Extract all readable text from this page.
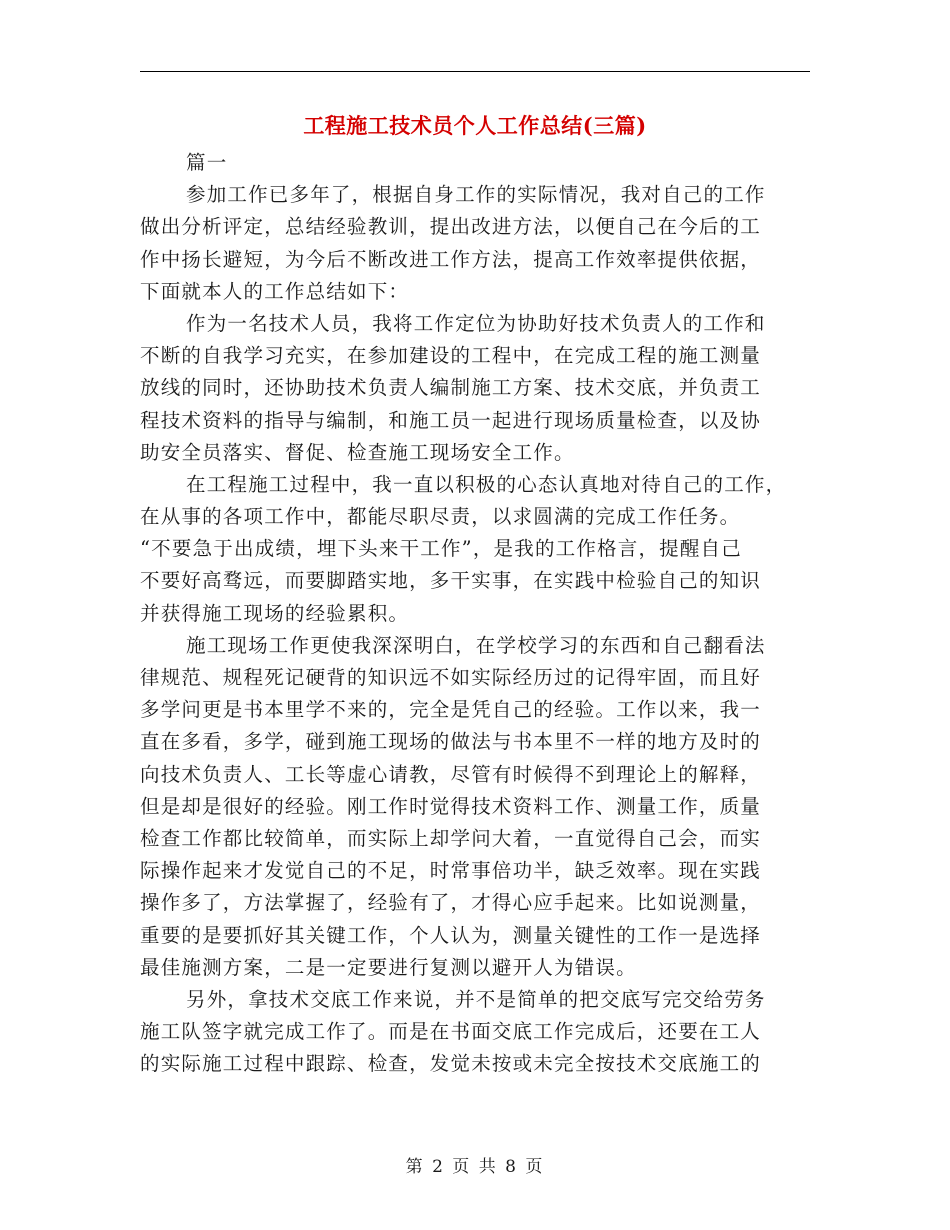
工程施工技术员个人工作总结(三篇)
篇一
参加工作已多年了，根据自身工作的实际情况，我对自己的工作
做出分析评定，总结经验教训，提出改进方法，以便自己在今后的工
作中扬长避短，为今后不断改进工作方法，提高工作效率提供依据，
下面就本人的工作总结如下：
作为一名技术人员，我将工作定位为协助好技术负责人的工作和
不断的自我学习充实，在参加建设的工程中，在完成工程的施工测量
放线的同时，还协助技术负责人编制施工方案、技术交底，并负责工
程技术资料的指导与编制，和施工员一起进行现场质量检查，以及协
助安全员落实、督促、检查施工现场安全工作。
在工程施工过程中，我一直以积极的心态认真地对待自己的工作，
在从事的各项工作中，都能尽职尽责，以求圆满的完成工作任务。
“不要急于出成绩，埋下头来干工作”，是我的工作格言，提醒自己
不要好高骛远，而要脚踏实地，多干实事，在实践中检验自己的知识
并获得施工现场的经验累积。
施工现场工作更使我深深明白，在学校学习的东西和自己翻看法
律规范、规程死记硬背的知识远不如实际经历过的记得牢固，而且好
多学问更是书本里学不来的，完全是凭自己的经验。工作以来，我一
直在多看，多学，碰到施工现场的做法与书本里不一样的地方及时的
向技术负责人、工长等虚心请教，尽管有时候得不到理论上的解释，
但是却是很好的经验。刚工作时觉得技术资料工作、测量工作，质量
检查工作都比较简单，而实际上却学问大着，一直觉得自己会，而实
际操作起来才发觉自己的不足，时常事倍功半，缺乏效率。现在实践
操作多了，方法掌握了，经验有了，才得心应手起来。比如说测量，
重要的是要抓好其关键工作，个人认为，测量关键性的工作一是选择
最佳施测方案，二是一定要进行复测以避开人为错误。
另外，拿技术交底工作来说，并不是简单的把交底写完交给劳务
施工队签字就完成工作了。而是在书面交底工作完成后，还要在工人
的实际施工过程中跟踪、检查，发觉未按或未完全按技术交底施工的
第 2 页 共 8 页
